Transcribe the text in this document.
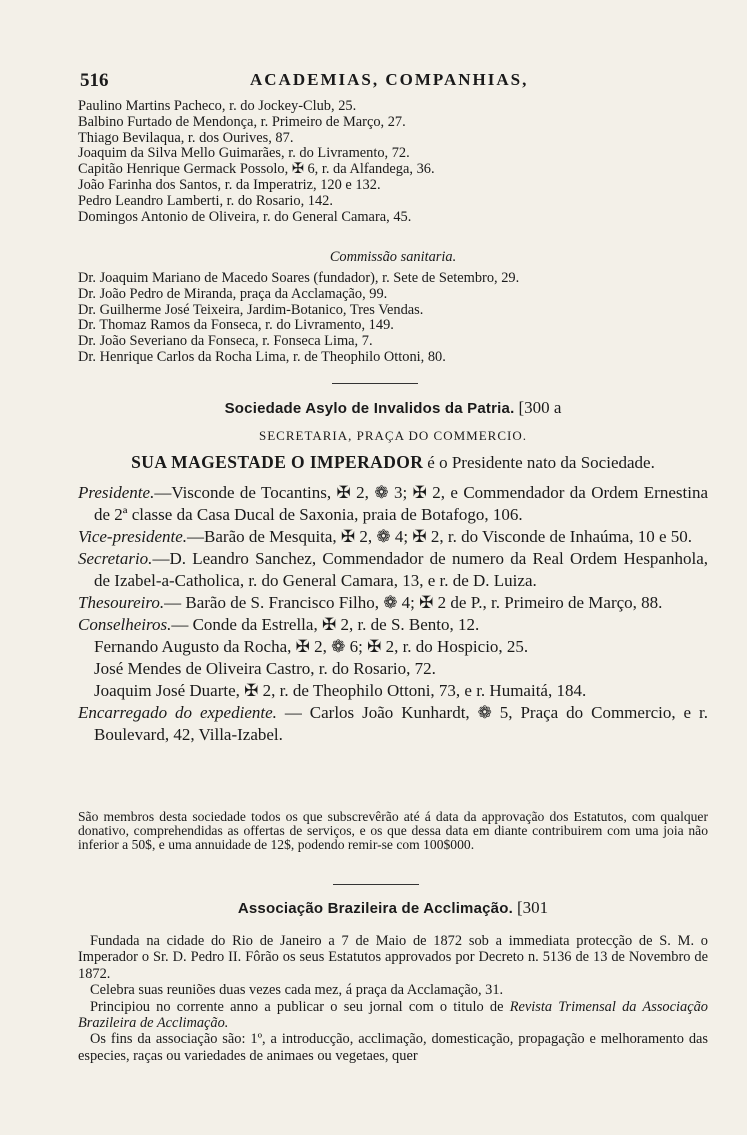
516	ACADEMIAS, COMPANHIAS,
Paulino Martins Pacheco, r. do Jockey-Club, 25.
Balbino Furtado de Mendonça, r. Primeiro de Março, 27.
Thiago Bevilaqua, r. dos Ourives, 87.
Joaquim da Silva Mello Guimarães, r. do Livramento, 72.
Capitão Henrique Germack Possolo, ✠ 6, r. da Alfandega, 36.
João Farinha dos Santos, r. da Imperatriz, 120 e 132.
Pedro Leandro Lamberti, r. do Rosario, 142.
Domingos Antonio de Oliveira, r. do General Camara, 45.
Commissão sanitaria.
Dr. Joaquim Mariano de Macedo Soares (fundador), r. Sete de Setembro, 29.
Dr. João Pedro de Miranda, praça da Acclamação, 99.
Dr. Guilherme José Teixeira, Jardim-Botanico, Tres Vendas.
Dr. Thomaz Ramos da Fonseca, r. do Livramento, 149.
Dr. João Severiano da Fonseca, r. Fonseca Lima, 7.
Dr. Henrique Carlos da Rocha Lima, r. de Theophilo Ottoni, 80.
Sociedade Asylo de Invalidos da Patria. [300 a
SECRETARIA, PRAÇA DO COMMERCIO.
SUA MAGESTADE O IMPERADOR é o Presidente nato da Sociedade.
Presidente.—Visconde de Tocantins, ✠ 2, ❁ 3; ✠ 2, e Commendador da Ordem Ernestina de 2ª classe da Casa Ducal de Saxonia, praia de Botafogo, 106.
Vice-presidente.—Barão de Mesquita, ✠ 2, ❁ 4; ✠ 2, r. do Visconde de Inhaúma, 10 e 50.
Secretario.—D. Leandro Sanchez, Commendador de numero da Real Ordem Hespanhola, de Izabel-a-Catholica, r. do General Camara, 13, e r. de D. Luiza.
Thesoureiro.— Barão de S. Francisco Filho, ❁ 4; ✠ 2 de P., r. Primeiro de Março, 88.
Conselheiros.— Conde da Estrella, ✠ 2, r. de S. Bento, 12.
Fernando Augusto da Rocha, ✠ 2, ❁ 6; ✠ 2, r. do Hospicio, 25.
José Mendes de Oliveira Castro, r. do Rosario, 72.
Joaquim José Duarte, ✠ 2, r. de Theophilo Ottoni, 73, e r. Humaitá, 184.
Encarregado do expediente. — Carlos João Kunhardt, ❁ 5, Praça do Commercio, e r. Boulevard, 42, Villa-Izabel.
São membros desta sociedade todos os que subscrevêrão até á data da approvação dos Estatutos, com qualquer donativo, comprehendidas as offertas de serviços, e os que dessa data em diante contribuirem com uma joia não inferior a 50$, e uma annuidade de 12$, podendo remir-se com 100$000.
Associação Brazileira de Acclimação. [301
Fundada na cidade do Rio de Janeiro a 7 de Maio de 1872 sob a immediata protecção de S. M. o Imperador o Sr. D. Pedro II. Fôrão os seus Estatutos approvados por Decreto n. 5136 de 13 de Novembro de 1872.
Celebra suas reuniões duas vezes cada mez, á praça da Acclamação, 31.
Principiou no corrente anno a publicar o seu jornal com o titulo de Revista Trimensal da Associação Brazileira de Acclimação.
Os fins da associação são: 1º, a introducção, acclimação, domesticação, propagação e melhoramento das especies, raças ou variedades de animaes ou vegetaes, quer
